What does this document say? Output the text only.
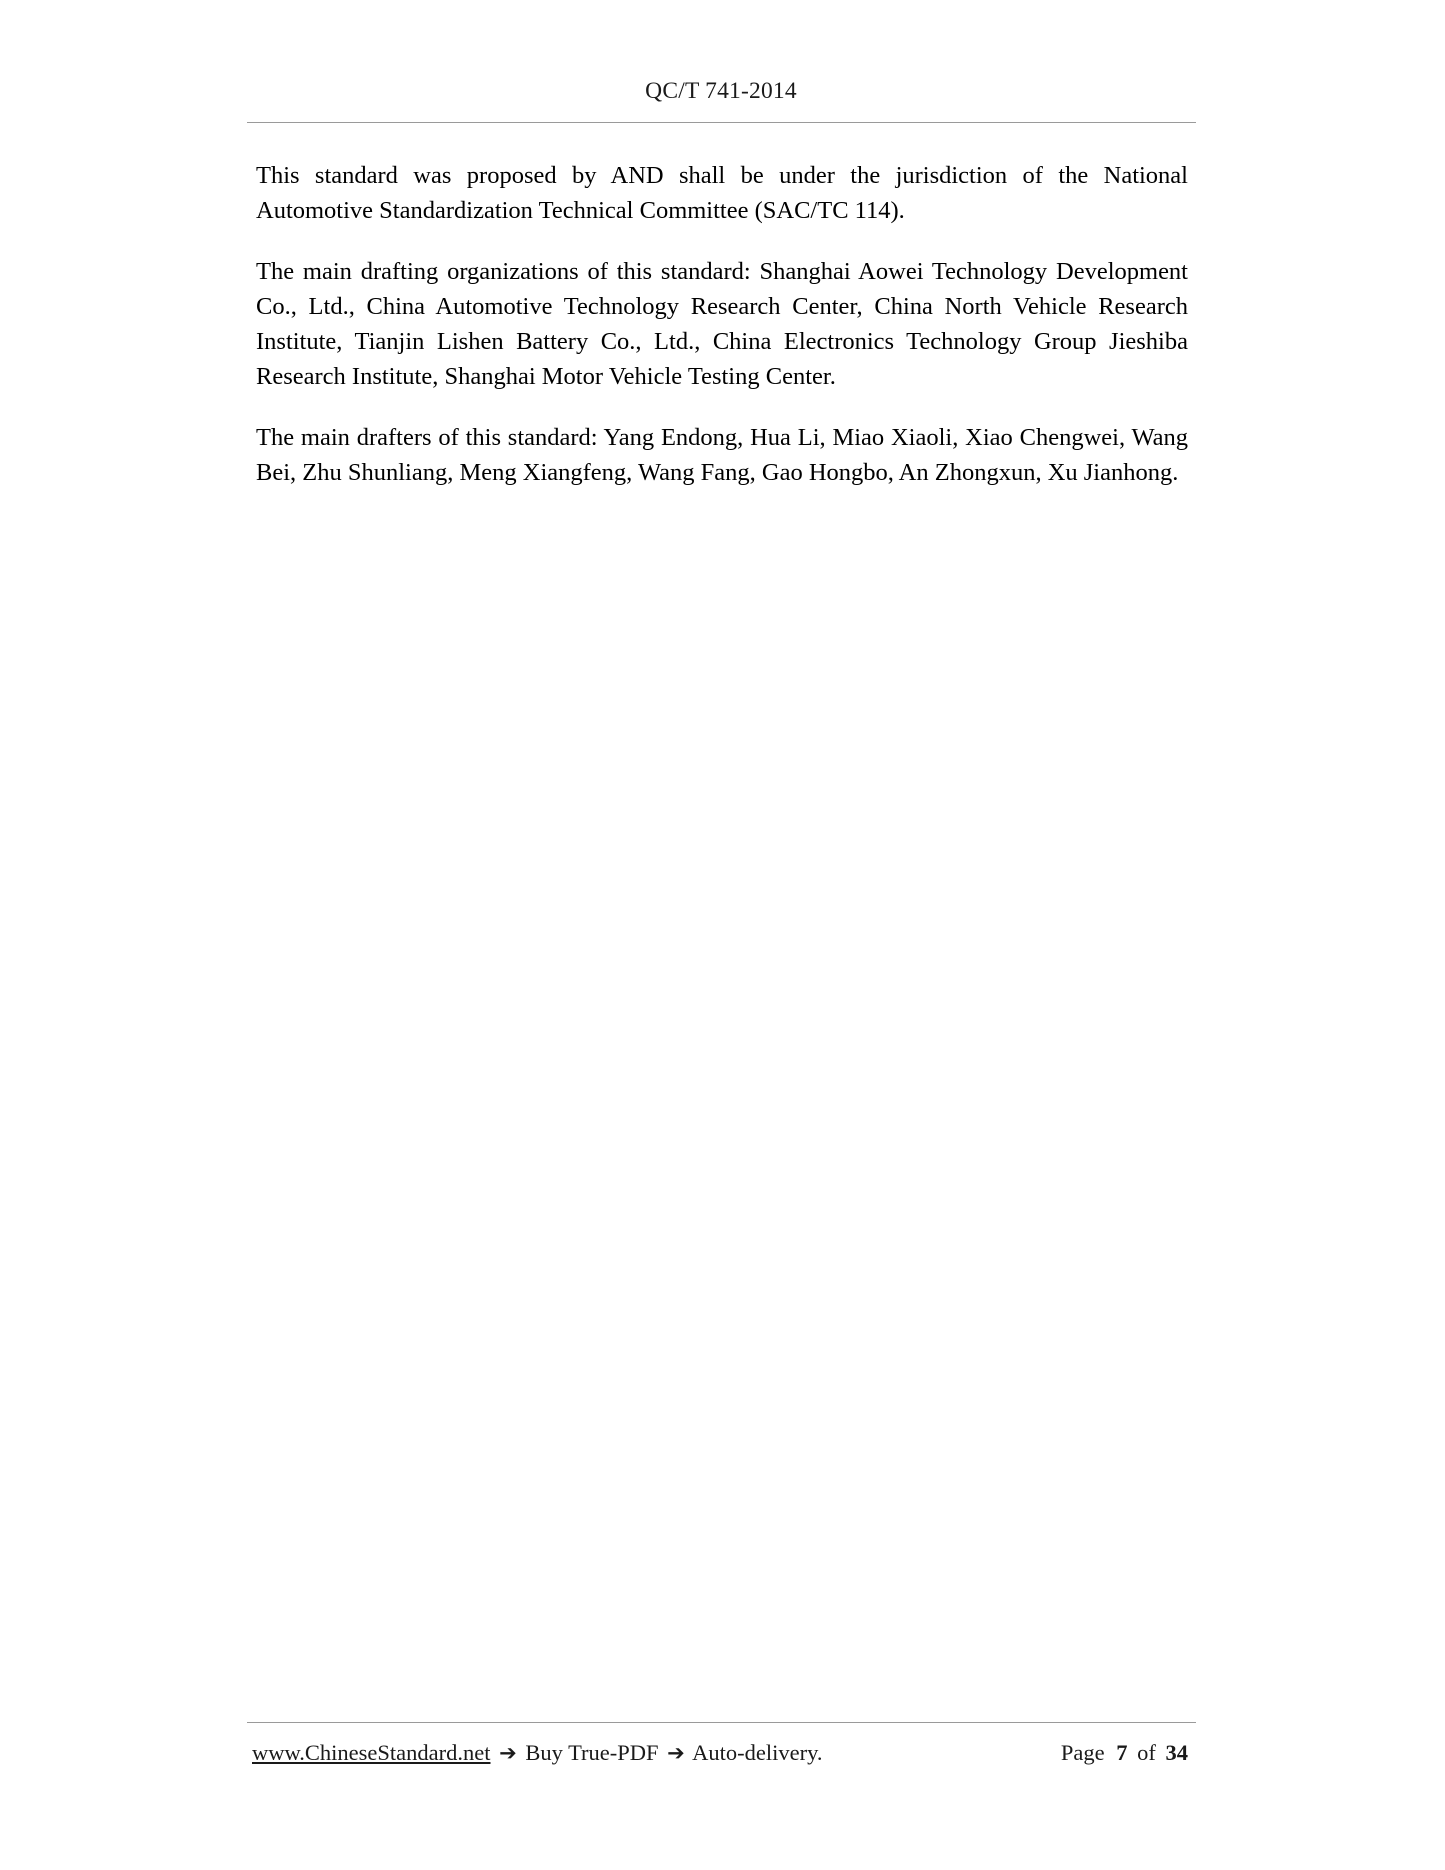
QC/T 741-2014

This standard was proposed by AND shall be under the jurisdiction of the National Automotive Standardization Technical Committee (SAC/TC 114).

The main drafting organizations of this standard: Shanghai Aowei Technology Development Co., Ltd., China Automotive Technology Research Center, China North Vehicle Research Institute, Tianjin Lishen Battery Co., Ltd., China Electronics Technology Group Jieshiba Research Institute, Shanghai Motor Vehicle Testing Center.

The main drafters of this standard: Yang Endong, Hua Li, Miao Xiaoli, Xiao Chengwei, Wang Bei, Zhu Shunliang, Meng Xiangfeng, Wang Fang, Gao Hongbo, An Zhongxun, Xu Jianhong.

www.ChineseStandard.net ➔ Buy True-PDF ➔ Auto-delivery.	Page 7 of 34
